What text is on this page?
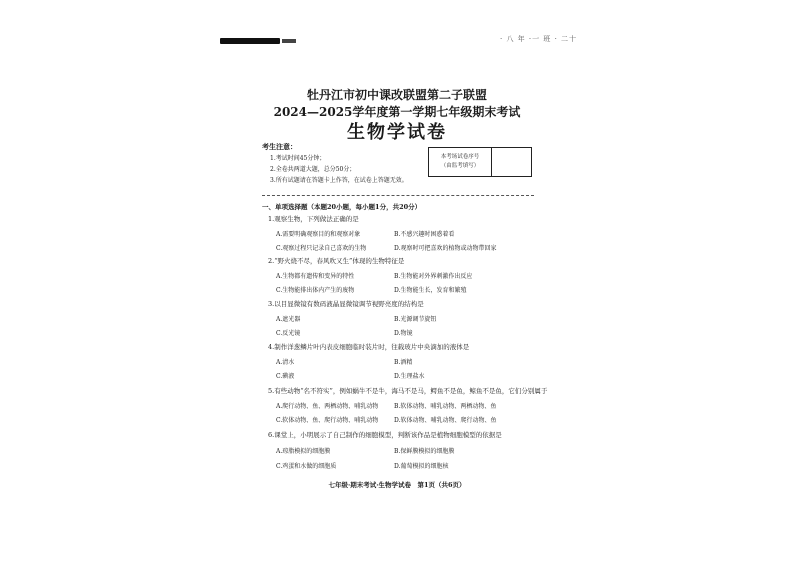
· 八 年 ·一 班 · 二十
牡丹江市初中课改联盟第二子联盟
2024—2025学年度第一学期七年级期末考试
生物学试卷
考生注意：
1.考试时间45分钟；
2.全卷共两道大题，总分50分；
3.所有试题请在答题卡上作答，在试卷上答题无效。
本考场试卷序号
（由监考填写）
一、单项选择题（本题20小题，每小题1分，共20分）
1.观察生物，下列做法正确的是
A.需要明确观察目的和观察对象	B.不感兴趣时困惑着看
C.观察过程只记录自己喜欢的生物	D.观察时可把喜欢的植物或动物带回家
2.“野火烧不尽，春风吹又生”体现的生物特征是
A.生物都有遗传和变异的特性	B.生物能对外界刺激作出反应
C.生物能排出体内产生的废物	D.生物能生长，发育和繁殖
3.以目显微镜有数码液晶显微镜调节视野亮度的结构是
A.遮光器	B.光源调节旋钮
C.反光镜	D.物镜
4.制作洋葱鳞片叶内表皮细胞临时装片时，往载玻片中央滴加的液体是
A.清水	B.酒精
C.碘液	D.生理盐水
5.有些动物“名不符实”，例如蜗牛不是牛，海马不是马，鳄鱼不是鱼，鲸鱼不是鱼，它们分别属于
A.爬行动物、鱼、两栖动物、哺乳动物	B.软体动物、哺乳动物、两栖动物、鱼
C.软体动物、鱼、爬行动物、哺乳动物	D.软体动物、哺乳动物、爬行动物、鱼
6.课堂上，小明展示了自己制作的细胞模型，判断该作品是植物细胞模型的依据是
A.琼脂模拟的细胞膜	B.保鲜膜模拟的细胞膜
C.鸡蛋和水做的细胞质	D.葡萄模拟的细胞核
七年级·期末考试·生物学试卷　第1页（共6页）
